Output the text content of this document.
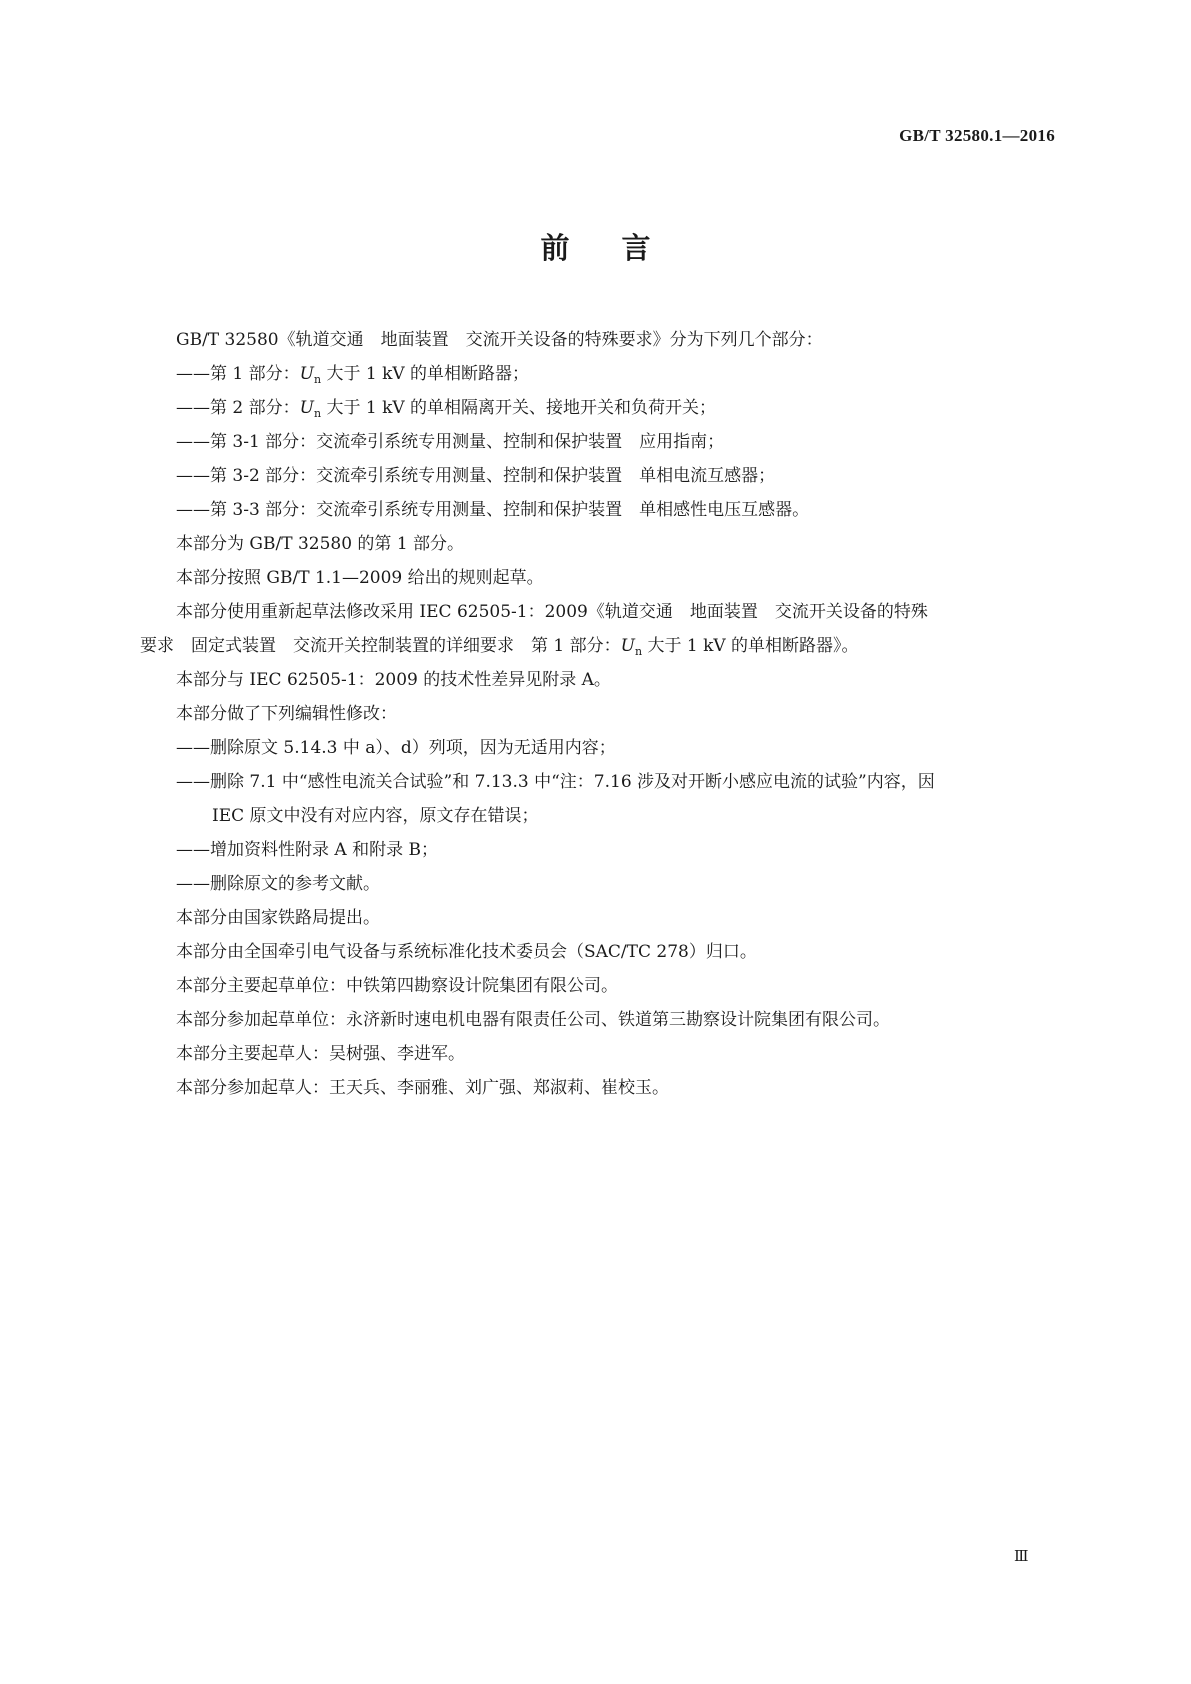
GB/T 32580.1—2016
前言
GB/T 32580《轨道交通　地面装置　交流开关设备的特殊要求》分为下列几个部分：
——第 1 部分：$U_n$ 大于 1 kV 的单相断路器；
——第 2 部分：$U_n$ 大于 1 kV 的单相隔离开关、接地开关和负荷开关；
——第 3-1 部分：交流牵引系统专用测量、控制和保护装置　应用指南；
——第 3-2 部分：交流牵引系统专用测量、控制和保护装置　单相电流互感器；
——第 3-3 部分：交流牵引系统专用测量、控制和保护装置　单相感性电压互感器。
本部分为 GB/T 32580 的第 1 部分。
本部分按照 GB/T 1.1—2009 给出的规则起草。
本部分使用重新起草法修改采用 IEC 62505-1：2009《轨道交通　地面装置　交流开关设备的特殊
要求　固定式装置　交流开关控制装置的详细要求　第 1 部分：$U_n$ 大于 1 kV 的单相断路器》。
本部分与 IEC 62505-1：2009 的技术性差异见附录 A。
本部分做了下列编辑性修改：
——删除原文 5.14.3 中 a）、d）列项，因为无适用内容；
——删除 7.1 中“感性电流关合试验”和 7.13.3 中“注：7.16 涉及对开断小感应电流的试验”内容，因
IEC 原文中没有对应内容，原文存在错误；
——增加资料性附录 A 和附录 B；
——删除原文的参考文献。
本部分由国家铁路局提出。
本部分由全国牵引电气设备与系统标准化技术委员会（SAC/TC 278）归口。
本部分主要起草单位：中铁第四勘察设计院集团有限公司。
本部分参加起草单位：永济新时速电机电器有限责任公司、铁道第三勘察设计院集团有限公司。
本部分主要起草人：吴树强、李进军。
本部分参加起草人：王天兵、李丽雅、刘广强、郑淑莉、崔校玉。
Ⅲ
